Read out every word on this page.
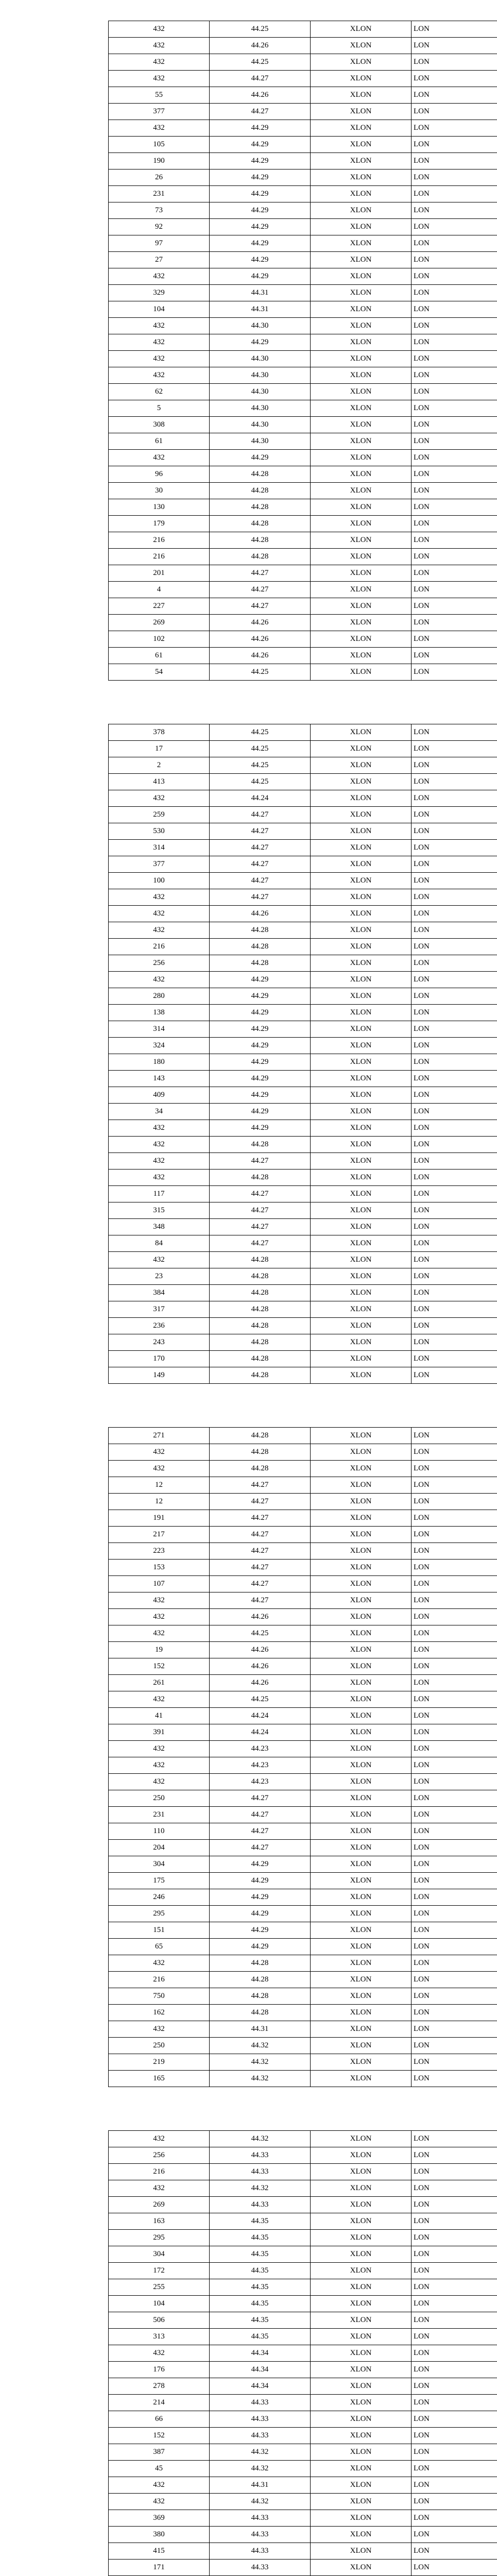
432	44.25	XLON	LON
432	44.26	XLON	LON
432	44.25	XLON	LON
432	44.27	XLON	LON
55	44.26	XLON	LON
377	44.27	XLON	LON
432	44.29	XLON	LON
105	44.29	XLON	LON
190	44.29	XLON	LON
26	44.29	XLON	LON
231	44.29	XLON	LON
73	44.29	XLON	LON
92	44.29	XLON	LON
97	44.29	XLON	LON
27	44.29	XLON	LON
432	44.29	XLON	LON
329	44.31	XLON	LON
104	44.31	XLON	LON
432	44.30	XLON	LON
432	44.29	XLON	LON
432	44.30	XLON	LON
432	44.30	XLON	LON
62	44.30	XLON	LON
5	44.30	XLON	LON
308	44.30	XLON	LON
61	44.30	XLON	LON
432	44.29	XLON	LON
96	44.28	XLON	LON
30	44.28	XLON	LON
130	44.28	XLON	LON
179	44.28	XLON	LON
216	44.28	XLON	LON
216	44.28	XLON	LON
201	44.27	XLON	LON
4	44.27	XLON	LON
227	44.27	XLON	LON
269	44.26	XLON	LON
102	44.26	XLON	LON
61	44.26	XLON	LON
54	44.25	XLON	LON
378	44.25	XLON	LON
17	44.25	XLON	LON
2	44.25	XLON	LON
413	44.25	XLON	LON
432	44.24	XLON	LON
259	44.27	XLON	LON
530	44.27	XLON	LON
314	44.27	XLON	LON
377	44.27	XLON	LON
100	44.27	XLON	LON
432	44.27	XLON	LON
432	44.26	XLON	LON
432	44.28	XLON	LON
216	44.28	XLON	LON
256	44.28	XLON	LON
432	44.29	XLON	LON
280	44.29	XLON	LON
138	44.29	XLON	LON
314	44.29	XLON	LON
324	44.29	XLON	LON
180	44.29	XLON	LON
143	44.29	XLON	LON
409	44.29	XLON	LON
34	44.29	XLON	LON
432	44.29	XLON	LON
432	44.28	XLON	LON
432	44.27	XLON	LON
432	44.28	XLON	LON
117	44.27	XLON	LON
315	44.27	XLON	LON
348	44.27	XLON	LON
84	44.27	XLON	LON
432	44.28	XLON	LON
23	44.28	XLON	LON
384	44.28	XLON	LON
317	44.28	XLON	LON
236	44.28	XLON	LON
243	44.28	XLON	LON
170	44.28	XLON	LON
149	44.28	XLON	LON
271	44.28	XLON	LON
432	44.28	XLON	LON
432	44.28	XLON	LON
12	44.27	XLON	LON
12	44.27	XLON	LON
191	44.27	XLON	LON
217	44.27	XLON	LON
223	44.27	XLON	LON
153	44.27	XLON	LON
107	44.27	XLON	LON
432	44.27	XLON	LON
432	44.26	XLON	LON
432	44.25	XLON	LON
19	44.26	XLON	LON
152	44.26	XLON	LON
261	44.26	XLON	LON
432	44.25	XLON	LON
41	44.24	XLON	LON
391	44.24	XLON	LON
432	44.23	XLON	LON
432	44.23	XLON	LON
432	44.23	XLON	LON
250	44.27	XLON	LON
231	44.27	XLON	LON
110	44.27	XLON	LON
204	44.27	XLON	LON
304	44.29	XLON	LON
175	44.29	XLON	LON
246	44.29	XLON	LON
295	44.29	XLON	LON
151	44.29	XLON	LON
65	44.29	XLON	LON
432	44.28	XLON	LON
216	44.28	XLON	LON
750	44.28	XLON	LON
162	44.28	XLON	LON
432	44.31	XLON	LON
250	44.32	XLON	LON
219	44.32	XLON	LON
165	44.32	XLON	LON
432	44.32	XLON	LON
256	44.33	XLON	LON
216	44.33	XLON	LON
432	44.32	XLON	LON
269	44.33	XLON	LON
163	44.35	XLON	LON
295	44.35	XLON	LON
304	44.35	XLON	LON
172	44.35	XLON	LON
255	44.35	XLON	LON
104	44.35	XLON	LON
506	44.35	XLON	LON
313	44.35	XLON	LON
432	44.34	XLON	LON
176	44.34	XLON	LON
278	44.34	XLON	LON
214	44.33	XLON	LON
66	44.33	XLON	LON
152	44.33	XLON	LON
387	44.32	XLON	LON
45	44.32	XLON	LON
432	44.31	XLON	LON
432	44.32	XLON	LON
369	44.33	XLON	LON
380	44.33	XLON	LON
415	44.33	XLON	LON
171	44.33	XLON	LON
